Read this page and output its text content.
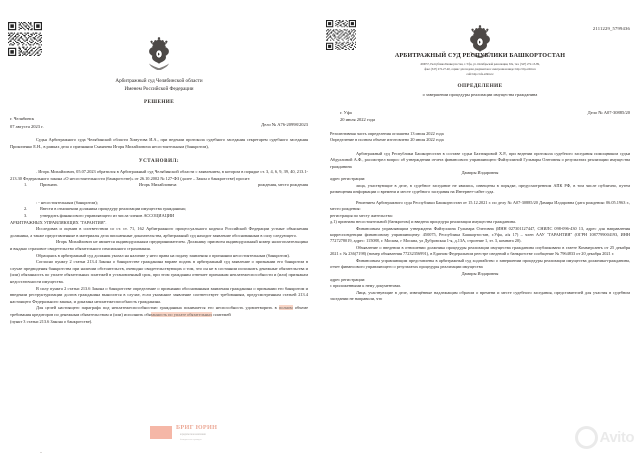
Арбитражный суд Челябинской области
Именем Российской Федерации
РЕШЕНИЕ
г. Челябинск
07 августа 2023 г.	Дело № А76-20998/2023
Судья Арбитражного суда Челябинской области Хомутова И.А., при ведении протокола судебного заседания секретарем судебного заседания Прокопенко Е.Н., в рамках дела о признании Сманчева Игоря Михайловича несостоятельным (банкротом),
УСТАНОВИЛ:
. Игорь Михайлович, 05.07.2023 обратился в Арбитражный суд Челябинской области с заявлением, в котором в порядке ст. 3, 4, 6, 9, 39, 40, 213.1-213.30 Федерального закона «О несостоятельности (банкротстве)» от 26.10.2002 № 127-ФЗ (далее – Закон о банкротстве) просит:
1.	Признать	Игорь Михайловича	рождения, место рождения
: - несостоятельным (банкротом);
2.	Ввести в отношении должника процедуру реализации имущества гражданина;
3.	утвердить финансового управляющего из числа членов АССОЦИАЦИИ
АРБИТРАЖНЫХ УПРАВЛЯЮЩИХ "ГАРАНТИЯ".
Исследовав и оценив в соответствии со ст. ст. 71, 162 Арбитражного процессуального кодекса Российской Федерации устные объяснения должника, а также представленные в материалы дела письменные доказательства, арбитражный суд находит заявление обоснованным в силу следующего.
Игорь Михайлович не является индивидуальным предпринимателем. Должнику присвоен индивидуальный номер налогоплательщика и выдано страховое свидетельство обязательного пенсионного страхования.
Обращаясь в арбитражный суд должник указал на наличие у него права на подачу заявления о признании несостоятельным (банкротом).
Согласно пункту 2 статьи 213.4 Закона о банкротстве гражданина вправе подать в арбитражный суд заявление о признании его банкротом в случае предвидения банкротства при наличии обстоятельств, очевидно свидетельствующих о том, что он не в состоянии исполнить денежные обязательства и (или) обязанность по уплате обязательных платежей в установленный срок, при этом гражданин отвечает признакам неплатежеспособности и (или) признакам недостаточности имущества.
В силу пункта 2 статьи 213.6 Закона о банкротстве определение о признании обоснованным заявления гражданина о признании его банкротом и введении реструктуризации долгов гражданина выносится в случае, если указанное заявление соответствует требованиям, предусмотренным статьей 213.4 настоящего Федерального закона, и доказана неплатежеспособность гражданина.
Для целей настоящего параграфа под неплатежеспособностью гражданина понимается его неспособность удовлетворить в полном объеме требования кредиторов по денежным обязательствам и (или) исполнить обязанность по уплате обязательных платежей
(пункт 3 статьи 213.6 Закона о банкротстве).
2111229_5799436
АРБИТРАЖНЫЙ СУД РЕСПУБЛИКИ БАШКОРТОСТАН
450057, Республика Башкортостан, г. Уфа, ул. Октябрьской революции, 63а, тел. (347) 272-13-89,
факс (347) 272-27-40, сервис для подачи документов в электронном виде: http://my.arbitr.ru
сайт http://ufa.arbitr.ru/
ОПРЕДЕЛЕНИЕ
о завершении процедуры реализации имущества гражданина
г. Уфа
20 июля 2022 года
Дело № А07-30885/20
Резолютивная часть определения оглашена 13 июля 2022 года
Определение в полном объеме изготовлено 20 июля 2022 года
Арбитражный суд Республики Башкортостан в составе судьи Бахтияровой Х.Р., при ведении протокола судебного заседания помощником судьи Абдуллиной А.Ф., рассмотрел вопрос об утверждении отчета финансового управляющего Файзуллиной Гульнары Олеговны о результатах реализации имущества гражданина
Дамиры Илдаровны
адрес регистрации:
лица, участвующие в деле, в судебное заседание не явились, извещены в порядке, предусмотренном АПК РФ, в том числе публично, путем размещения информации о времени и месте судебного заседания на Интернет-сайте суда.
Решением Арбитражного суда Республики Башкортостан от 15.12.2021 г. по делу № А07-30885/20 Дамира Илдаровна (дата рождения: 06.05.1963 г., место рождения:
регистрация по месту жительства:
д.1) признана несостоятельной (банкротом) и введена процедура реализации имущества гражданина.
Финансовым управляющим утверждена Файзуллина Гульнара Олеговна (ИНН 027301127447, СНИЛС 098-096-430 13, адрес для направления корреспонденции финансовому управляющему: 450075, Республика Башкортостан, г.Уфа, а/я 17) – член ААУ "ГАРАНТИЯ" (ОГРН 1087799004193, ИНН 7727278019, адрес: 115088, г. Москва, г Москва, ул Дубровская 1-я, д.13А, строение 1, эт. 3, комната 20).
Объявление о введении в отношении должника процедуры реализации имущества гражданина опубликовано в газете Коммерсантъ от 25 декабря 2021 г. № 236(7198) (номер объявления 77232356991), в Едином Федеральном реестре сведений о банкротстве сообщение № 7964833 от 20 декабря 2021 г.
Финансовым управляющим представлены в арбитражный суд ходатайство о завершении процедуры реализации имущества должника-гражданина, отчет финансового управляющего о результатах процедуры реализации имущества
Дамиры Илдаровны
адрес регистрации:
с приложенными к нему документами.
Лица, участвующие в деле, извещённые надлежащим образом о времени и месте судебного заседания, представителей для участия в судебном заседании не направили, что
БРИГ ЮРИН
юридическая компания
банкротство граждан	Avito
